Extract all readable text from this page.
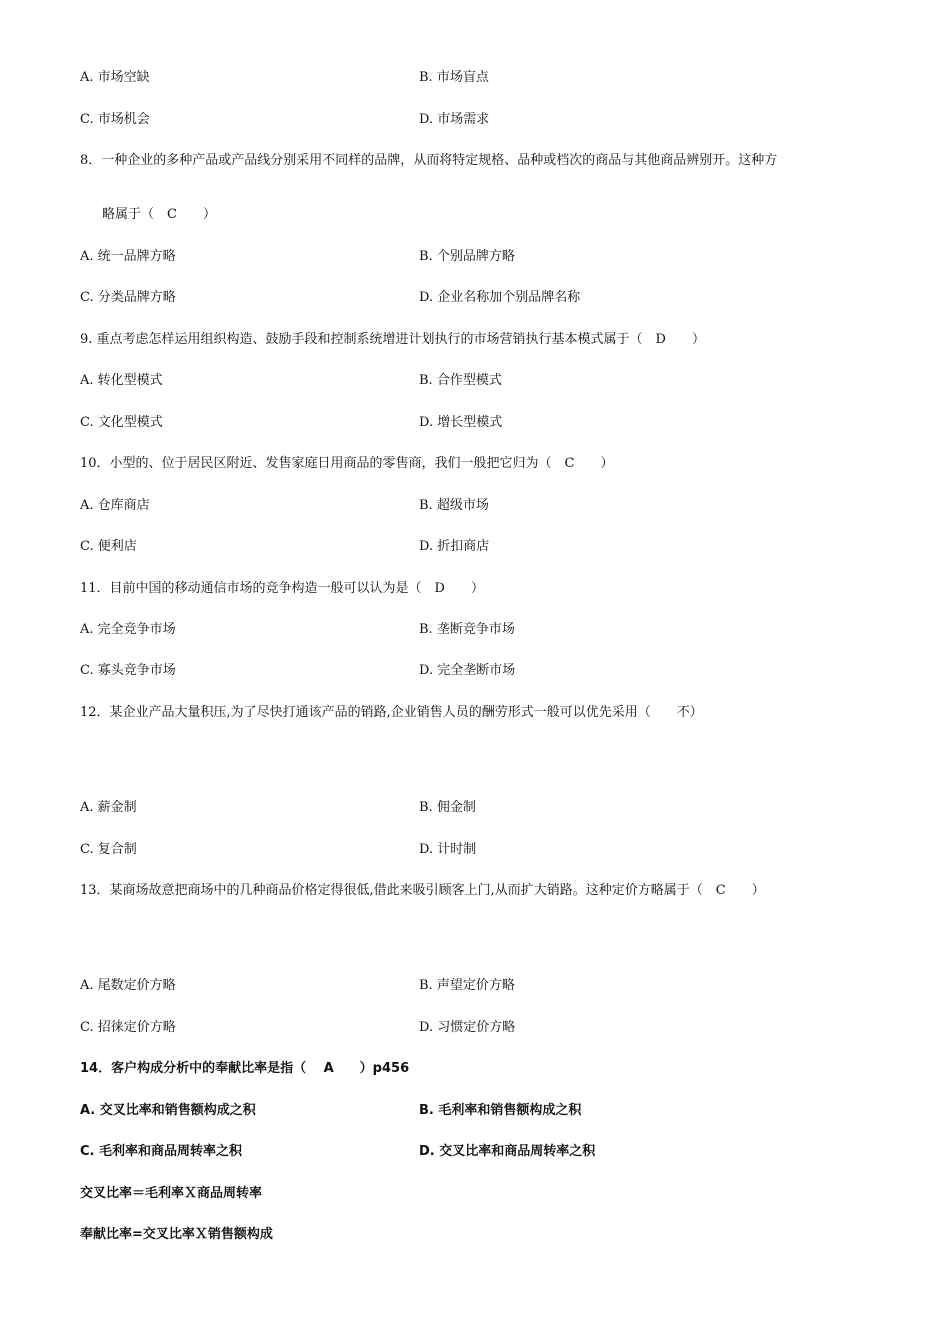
A. 市场空缺	B. 市场盲点
C. 市场机会	D. 市场需求
8．一种企业的多种产品或产品线分别采用不同样的品牌，从而将特定规格、品种或档次的商品与其他商品辨别开。这种方
略属于（　C　　）
A. 统一品牌方略	B. 个别品牌方略
C. 分类品牌方略	D. 企业名称加个别品牌名称
9. 重点考虑怎样运用组织构造、鼓励手段和控制系统增进计划执行的市场营销执行基本模式属于（　D　　）
A. 转化型模式	B. 合作型模式
C. 文化型模式	D. 增长型模式
10．小型的、位于居民区附近、发售家庭日用商品的零售商，我们一般把它归为（　C　　）
A. 仓库商店	B. 超级市场
C. 便利店	D. 折扣商店
11．目前中国的移动通信市场的竞争构造一般可以认为是（　D　　）
A. 完全竞争市场	B. 垄断竞争市场
C. 寡头竞争市场	D. 完全垄断市场
12．某企业产品大量积压,为了尽快打通该产品的销路,企业销售人员的酬劳形式一般可以优先采用（　　不）
A. 薪金制	B. 佣金制
C. 复合制	D. 计时制
13．某商场故意把商场中的几种商品价格定得很低,借此来吸引顾客上门,从而扩大销路。这种定价方略属于（　C　　）
A. 尾数定价方略	B. 声望定价方略
C. 招徕定价方略	D. 习惯定价方略
14．客户构成分析中的奉献比率是指（　 A　　）p456
A. 交叉比率和销售额构成之积	B. 毛利率和销售额构成之积
C. 毛利率和商品周转率之积	D. 交叉比率和商品周转率之积
交叉比率＝毛利率Ｘ商品周转率
奉献比率=交叉比率Ｘ销售额构成
